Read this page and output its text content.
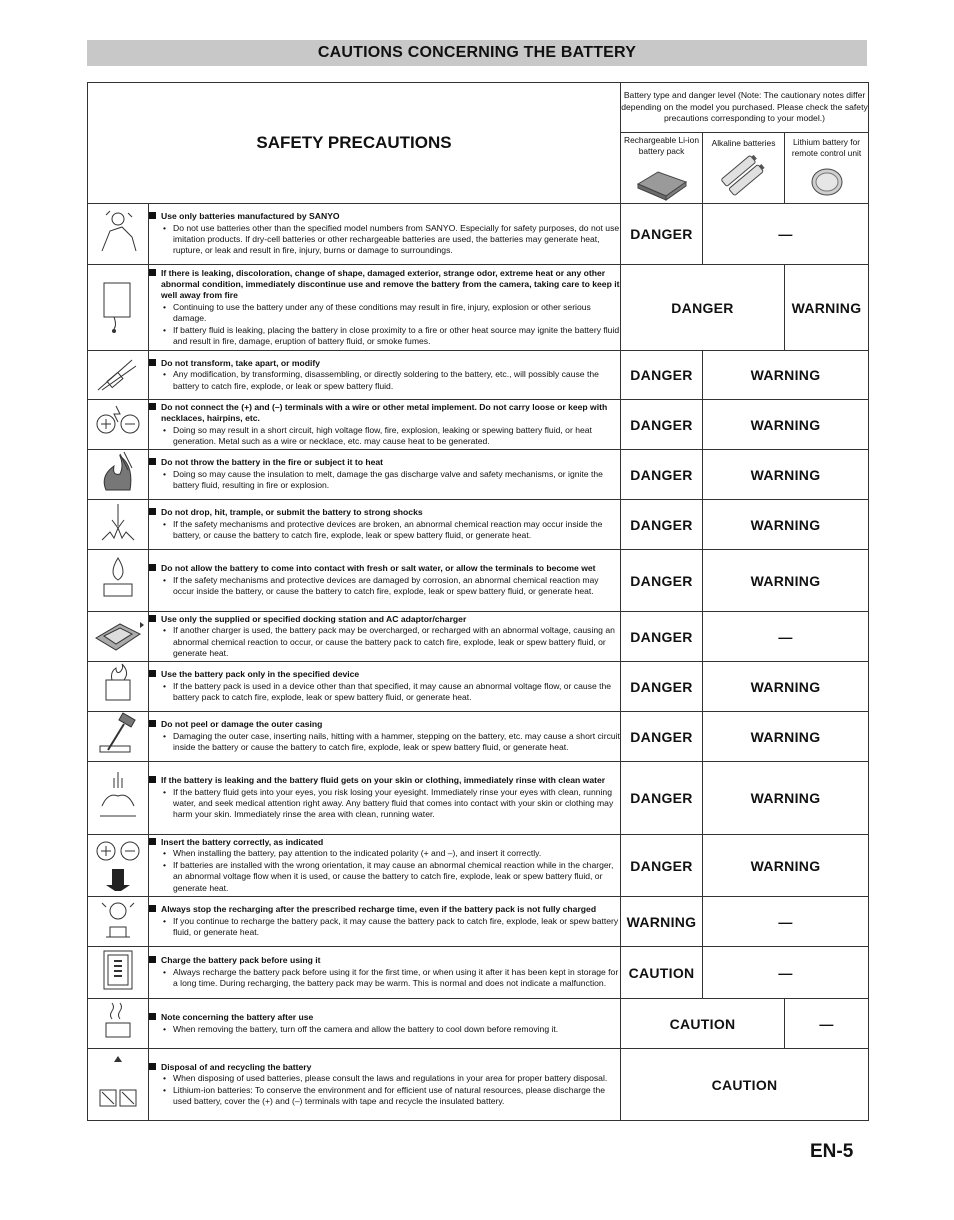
CAUTIONS CONCERNING THE BATTERY
SAFETY PRECAUTIONS		Battery type and danger level (Note: The cautionary notes differ depending on the model you purchased. Please check the safety precautions corresponding to your model.)		

		Rechargeable Li-ion battery pack	Alkaline batteries	Lithium battery for remote control unit

Use only batteries manufactured by SANYO
• Do not use batteries other than the specified model numbers from SANYO. Especially for safety purposes, do not use imitation products. If dry-cell batteries or other rechargeable batteries are used, the batteries may generate heat, rupture, or leak and result in fire, injury, burns or damage to surroundings.	DANGER	—	

If there is leaking, discoloration, change of shape, damaged exterior, strange odor, extreme heat or any other abnormal condition, immediately discontinue use and remove the battery from the camera, taking care to keep it well away from fire
• Continuing to use the battery under any of these conditions may result in fire, injury, explosion or other serious damage.
• If battery fluid is leaking, placing the battery in close proximity to a fire or other heat source may ignite the battery fluid and result in fire, damage, eruption of battery fluid, or smoke fumes.	DANGER		WARNING

Do not transform, take apart, or modify
• Any modification, by transforming, disassembling, or directly soldering to the battery, etc., will possibly cause the battery to catch fire, explode, or leak or spew battery fluid.	DANGER	WARNING	

Do not connect the (+) and (–) terminals with a wire or other metal implement. Do not carry loose or keep with necklaces, hairpins, etc.
• Doing so may result in a short circuit, high voltage flow, fire, explosion, leaking or spewing battery fluid, or heat generation. Metal such as a wire or necklace, etc. may cause heat to be generated.	DANGER	WARNING	

Do not throw the battery in the fire or subject it to heat
• Doing so may cause the insulation to melt, damage the gas discharge valve and safety mechanisms, or ignite the battery fluid, resulting in fire or explosion.	DANGER	WARNING	

Do not drop, hit, trample, or submit the battery to strong shocks
• If the safety mechanisms and protective devices are broken, an abnormal chemical reaction may occur inside the battery, or cause the battery to catch fire, explode, leak or spew battery fluid, or generate heat.	DANGER	WARNING	

Do not allow the battery to come into contact with fresh or salt water, or allow the terminals to become wet
• If the safety mechanisms and protective devices are damaged by corrosion, an abnormal chemical reaction may occur inside the battery, or cause the battery to catch fire, explode, leak or spew battery fluid, or generate heat.	DANGER	WARNING	

Use only the supplied or specified docking station and AC adaptor/charger
• If another charger is used, the battery pack may be overcharged, or recharged with an abnormal voltage, causing an abnormal chemical reaction to occur, or cause the battery pack to catch fire, explode, leak or spew battery fluid, or generate heat.	DANGER	—	

Use the battery pack only in the specified device
• If the battery pack is used in a device other than that specified, it may cause an abnormal voltage flow, or cause the battery pack to catch fire, explode, leak or spew battery fluid, or generate heat.	DANGER	WARNING	

Do not peel or damage the outer casing
• Damaging the outer case, inserting nails, hitting with a hammer, stepping on the battery, etc. may cause a short circuit inside the battery or cause the battery to catch fire, explode, leak or spew battery fluid, or generate heat.	DANGER	WARNING	

If the battery is leaking and the battery fluid gets on your skin or clothing, immediately rinse with clean water
• If the battery fluid gets into your eyes, you risk losing your eyesight. Immediately rinse your eyes with clean, running water, and seek medical attention right away. Any battery fluid that comes into contact with your skin or clothing may harm your skin. Immediately rinse the area with clean, running water.	DANGER	WARNING	

Insert the battery correctly, as indicated
• When installing the battery, pay attention to the indicated polarity (+ and –), and insert it correctly.
• If batteries are installed with the wrong orientation, it may cause an abnormal chemical reaction while in the charger, an abnormal voltage flow when it is used, or cause the battery to catch fire, explode, leak or spew battery fluid, or generate heat.	DANGER	WARNING	

Always stop the recharging after the prescribed recharge time, even if the battery pack is not fully charged
• If you continue to recharge the battery pack, it may cause the battery pack to catch fire, explode, leak or spew battery fluid, or generate heat.	WARNING	—	

Charge the battery pack before using it
• Always recharge the battery pack before using it for the first time, or when using it after it has been kept in storage for a long time. During recharging, the battery pack may be warm. This is normal and does not indicate a malfunction.	CAUTION	—	

Note concerning the battery after use
• When removing the battery, turn off the camera and allow the battery to cool down before removing it.	CAUTION		—

Disposal of and recycling the battery
• When disposing of used batteries, please consult the laws and regulations in your area for proper battery disposal.
• Lithium-ion batteries: To conserve the environment and for efficient use of natural resources, please discharge the used battery, cover the (+) and (–) terminals with tape and recycle the insulated battery.	CAUTION		
EN-5
